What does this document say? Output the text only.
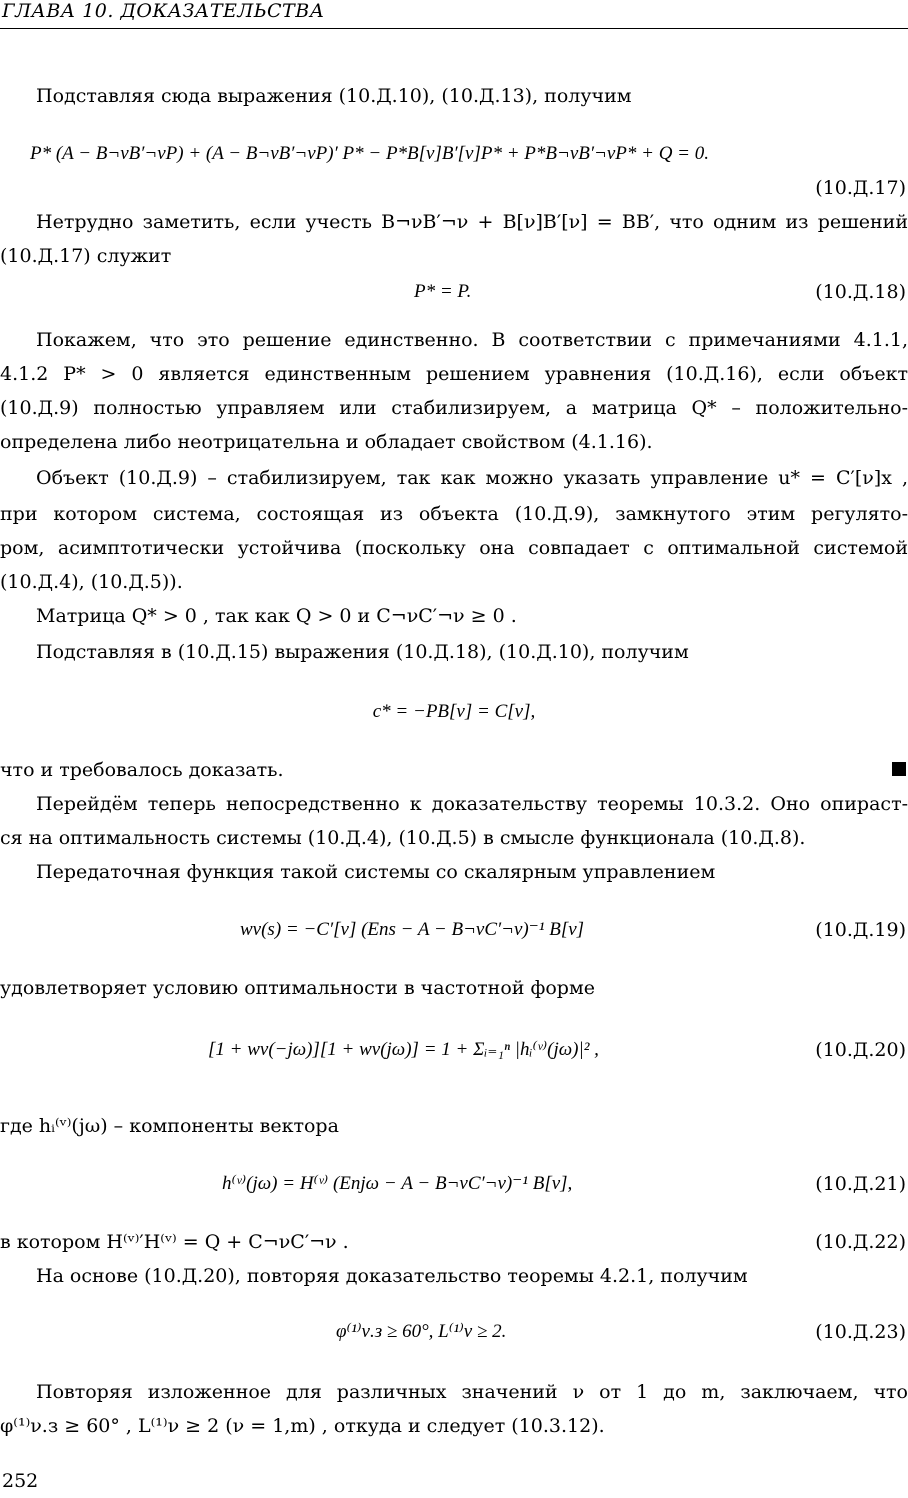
ГЛАВА 10. ДОКАЗАТЕЛЬСТВА
Подставляя сюда выражения (10.Д.10), (10.Д.13), получим
P* (A − B¬νB′¬νP) + (A − B¬νB′¬νP)′ P* − P*B[ν]B′[ν]P* + P*B¬νB′¬νP* + Q = 0.
(10.Д.17)
Нетрудно заметить, если учесть B¬νB′¬ν + B[ν]B′[ν] = BB′, что одним из решений
(10.Д.17) служит
P* = P.	(10.Д.18)
Покажем, что это решение единственно. В соответствии с примечаниями 4.1.1,
4.1.2 P* > 0 является единственным решением уравнения (10.Д.16), если объект
(10.Д.9) полностью управляем или стабилизируем, а матрица Q* – положительно-
определена либо неотрицательна и обладает свойством (4.1.16).
Объект (10.Д.9) – стабилизируем, так как можно указать управление u* = C′[ν]x ,
при котором система, состоящая из объекта (10.Д.9), замкнутого этим регулято-
ром, асимптотически устойчива (поскольку она совпадает с оптимальной системой
(10.Д.4), (10.Д.5)).
Матрица Q* > 0 , так как Q > 0 и C¬νC′¬ν ≥ 0 .
Подставляя в (10.Д.15) выражения (10.Д.18), (10.Д.10), получим
c* = −PB[ν] = C[ν],
что и требовалось доказать.
Перейдём теперь непосредственно к доказательству теоремы 10.3.2. Оно опираст-
ся на оптимальность системы (10.Д.4), (10.Д.5) в смысле функционала (10.Д.8).
Передаточная функция такой системы со скалярным управлением
wν(s) = −C′[ν] (Ens − A − B¬νC′¬ν)⁻¹ B[ν]	(10.Д.19)
удовлетворяет условию оптимальности в частотной форме
[1 + wν(−jω)][1 + wν(jω)] = 1 + Σᵢ₌₁ⁿ |hᵢ⁽ᵛ⁾(jω)|² ,	(10.Д.20)
где hᵢ⁽ᵛ⁾(jω) – компоненты вектора
h⁽ᵛ⁾(jω) = H⁽ᵛ⁾ (Enjω − A − B¬νC′¬ν)⁻¹ B[ν],	(10.Д.21)
в котором H⁽ᵛ⁾′H⁽ᵛ⁾ = Q + C¬νC′¬ν .	(10.Д.22)
На основе (10.Д.20), повторяя доказательство теоремы 4.2.1, получим
φ⁽¹⁾ν.з ≥ 60°, L⁽¹⁾ν ≥ 2.	(10.Д.23)
Повторяя изложенное для различных значений ν от 1 до m, заключаем, что
φ⁽¹⁾ν.з ≥ 60° , L⁽¹⁾ν ≥ 2 (ν = 1,m) , откуда и следует (10.3.12).
252
